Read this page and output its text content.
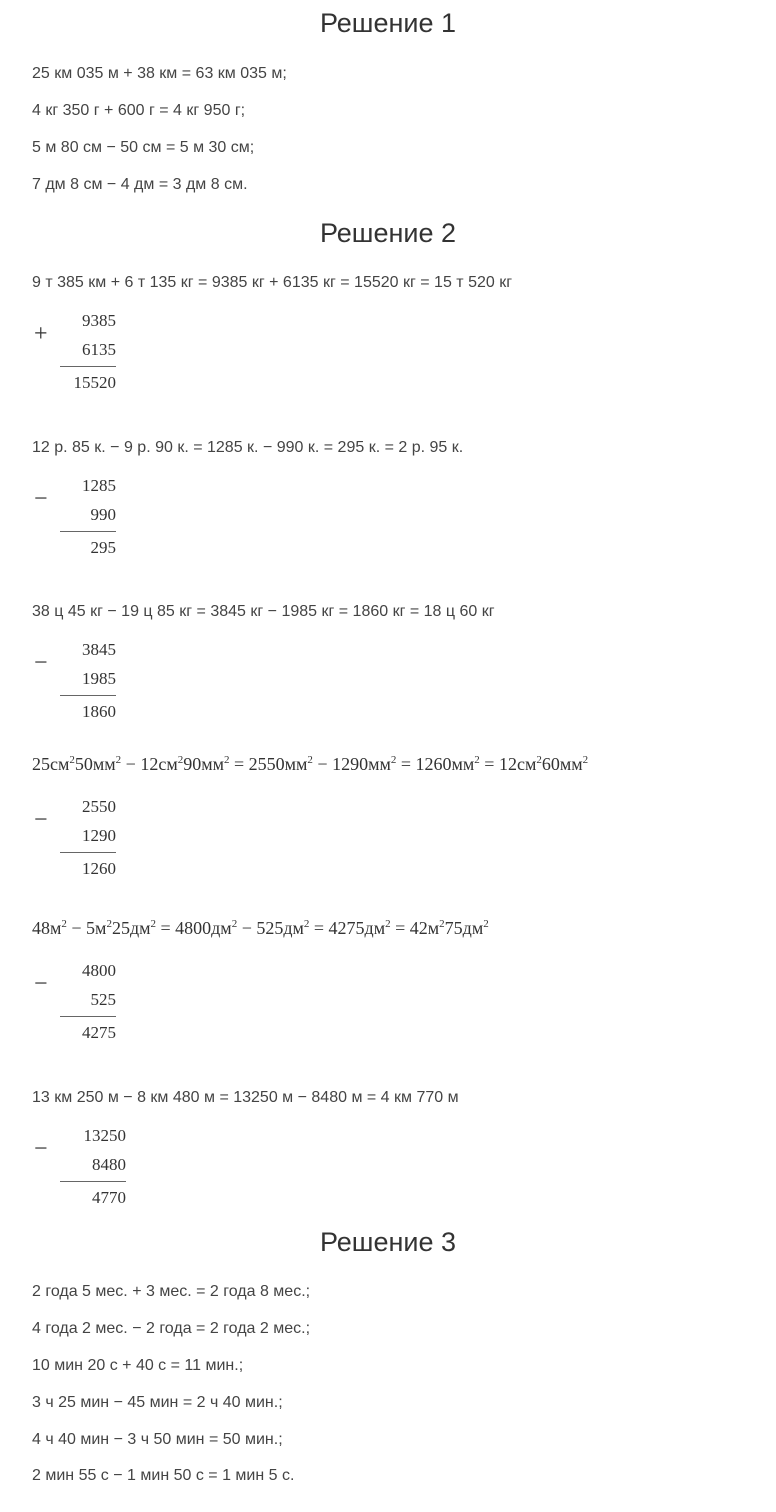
Решение 1
25 км 035 м + 38 км = 63 км 035 м;
4 кг 350 г + 600 г = 4 кг 950 г;
5 м 80 см − 50 см = 5 м 30 см;
7 дм 8 см − 4 дм = 3 дм 8 см.
Решение 2
9 т 385 км + 6 т 135 кг = 9385 кг + 6135 кг = 15520 кг = 15 т 520 кг
+
9385
6135
15520
12 р. 85 к. − 9 р. 90 к. = 1285 к. − 990 к. = 295 к. = 2 р. 95 к.
−
1285
990
295
38 ц 45 кг − 19 ц 85 кг = 3845 кг − 1985 кг = 1860 кг = 18 ц 60 кг
−
3845
1985
1860
$25см^250мм^2 - 12см^290мм^2 = 2550мм^2 - 1290мм^2 = 1260мм^2 = 12см^260мм^2$
−
2550
1290
1260
$48м^2 - 5м^225дм^2 = 4800дм^2 - 525дм^2 = 4275дм^2 = 42м^275дм^2$
−
4800
525
4275
13 км 250 м − 8 км 480 м = 13250 м − 8480 м = 4 км 770 м
−
13250
8480
4770
Решение 3
2 года 5 мес. + 3 мес. = 2 года 8 мес.;
4 года 2 мес. − 2 года = 2 года 2 мес.;
10 мин 20 с + 40 с = 11 мин.;
3 ч 25 мин − 45 мин = 2 ч 40 мин.;
4 ч 40 мин − 3 ч 50 мин = 50 мин.;
2 мин 55 с − 1 мин 50 с = 1 мин 5 с.
